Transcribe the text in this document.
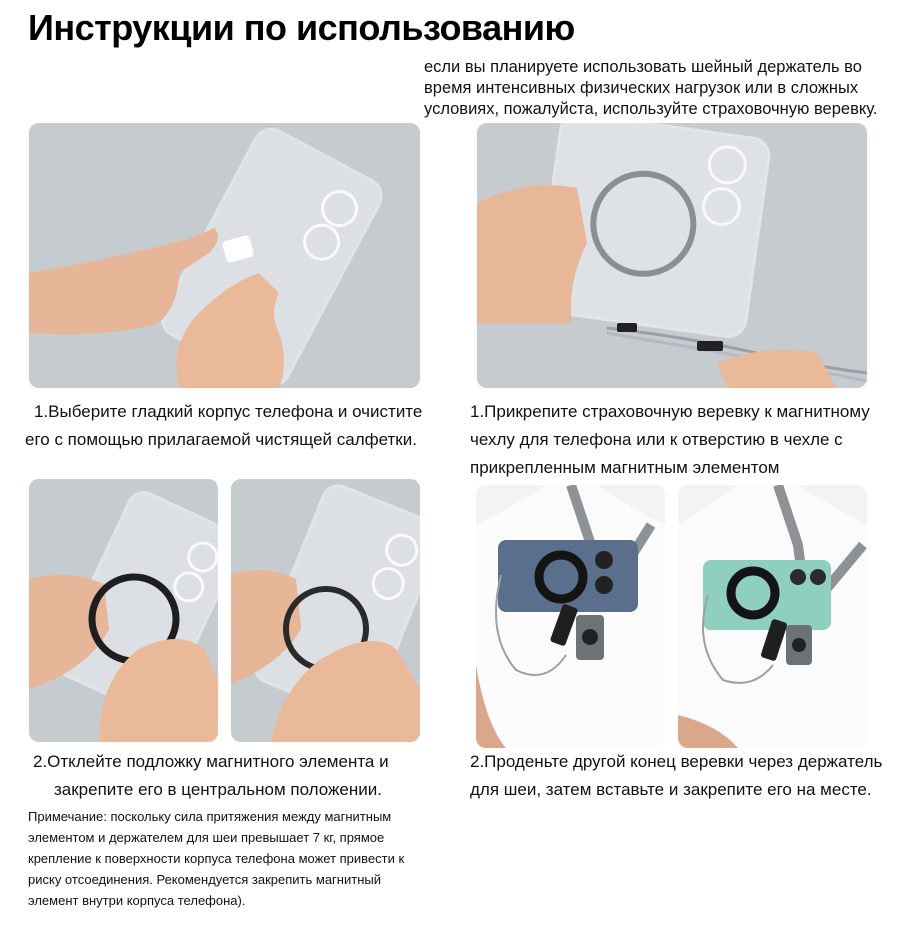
Инструкции по использованию
если вы планируете использовать шейный держатель во время интенсивных физических нагрузок или в сложных условиях, пожалуйста, используйте страховочную веревку.
1.Выберите гладкий корпус телефона и очистите
его с помощью прилагаемой чистящей салфетки.
1.Прикрепите страховочную веревку к магнитному
чехлу для телефона или к отверстию в чехле с
прикрепленным магнитным элементом
2.Отклейте подложку магнитного элемента и
закрепите его в центральном положении.
2.Проденьте другой конец веревки через держатель
для шеи, затем вставьте и закрепите его на месте.
Примечание: поскольку сила притяжения между магнитным
элементом и держателем для шеи превышает 7 кг, прямое
крепление к поверхности корпуса телефона может привести к
риску отсоединения. Рекомендуется закрепить магнитный
элемент внутри корпуса телефона).
